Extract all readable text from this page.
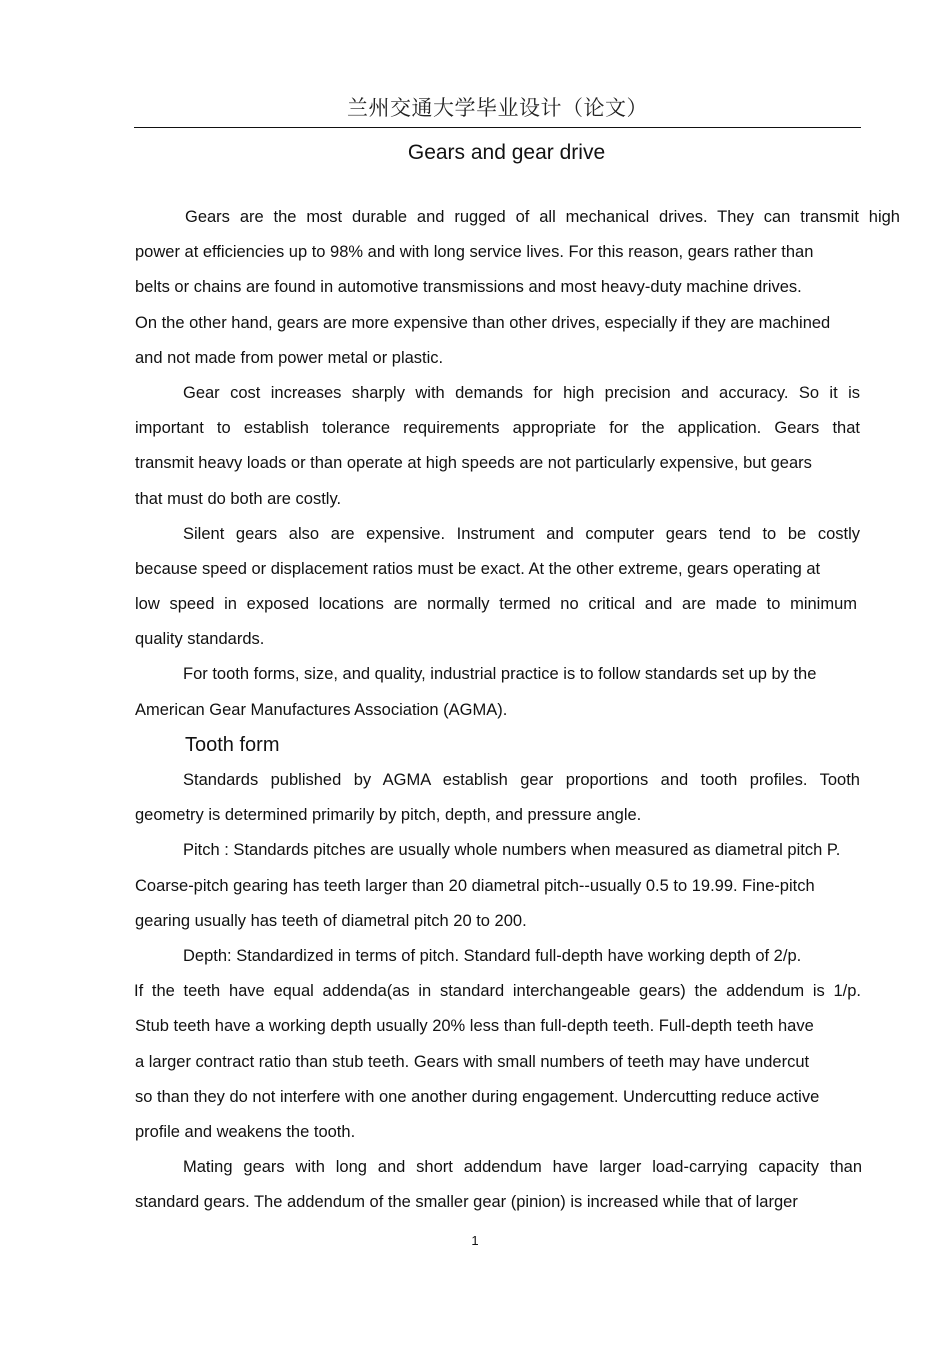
兰州交通大学毕业设计（论文）
Gears and gear drive
Gears are the most durable and rugged of all mechanical drives. They can transmit high
power at efficiencies up to 98% and with long service lives. For this reason, gears rather than
belts or chains are found in automotive transmissions and most heavy-duty machine drives.
On the other hand, gears are more expensive than other drives, especially if they are machined
and not made from power metal or plastic.
Gear cost increases sharply with demands for high precision and accuracy. So it is
important to establish tolerance requirements appropriate for the application. Gears that
transmit heavy loads or than operate at high speeds are not particularly expensive, but gears
that must do both are costly.
Silent gears also are expensive. Instrument and computer gears tend to be costly
because speed or displacement ratios must be exact. At the other extreme, gears operating at
low speed in exposed locations are normally termed no critical and are made to minimum
quality standards.
For tooth forms, size, and quality, industrial practice is to follow standards set up by the
American Gear Manufactures Association (AGMA).
Tooth form
Standards published by AGMA establish gear proportions and tooth profiles. Tooth
geometry is determined primarily by pitch, depth, and pressure angle.
Pitch : Standards pitches are usually whole numbers when measured as diametral pitch P.
Coarse-pitch gearing has teeth larger than 20 diametral pitch--usually 0.5 to 19.99. Fine-pitch
gearing usually has teeth of diametral pitch 20 to 200.
Depth: Standardized in terms of pitch. Standard full-depth have working depth of 2/p.
If the teeth have equal addenda(as in standard interchangeable gears) the addendum is 1/p.
Stub teeth have a working depth usually 20% less than full-depth teeth. Full-depth teeth have
a larger contract ratio than stub teeth. Gears with small numbers of teeth may have undercut
so than they do not interfere with one another during engagement. Undercutting reduce active
profile and weakens the tooth.
Mating gears with long and short addendum have larger load-carrying capacity than
standard gears. The addendum of the smaller gear (pinion) is increased while that of larger
1
